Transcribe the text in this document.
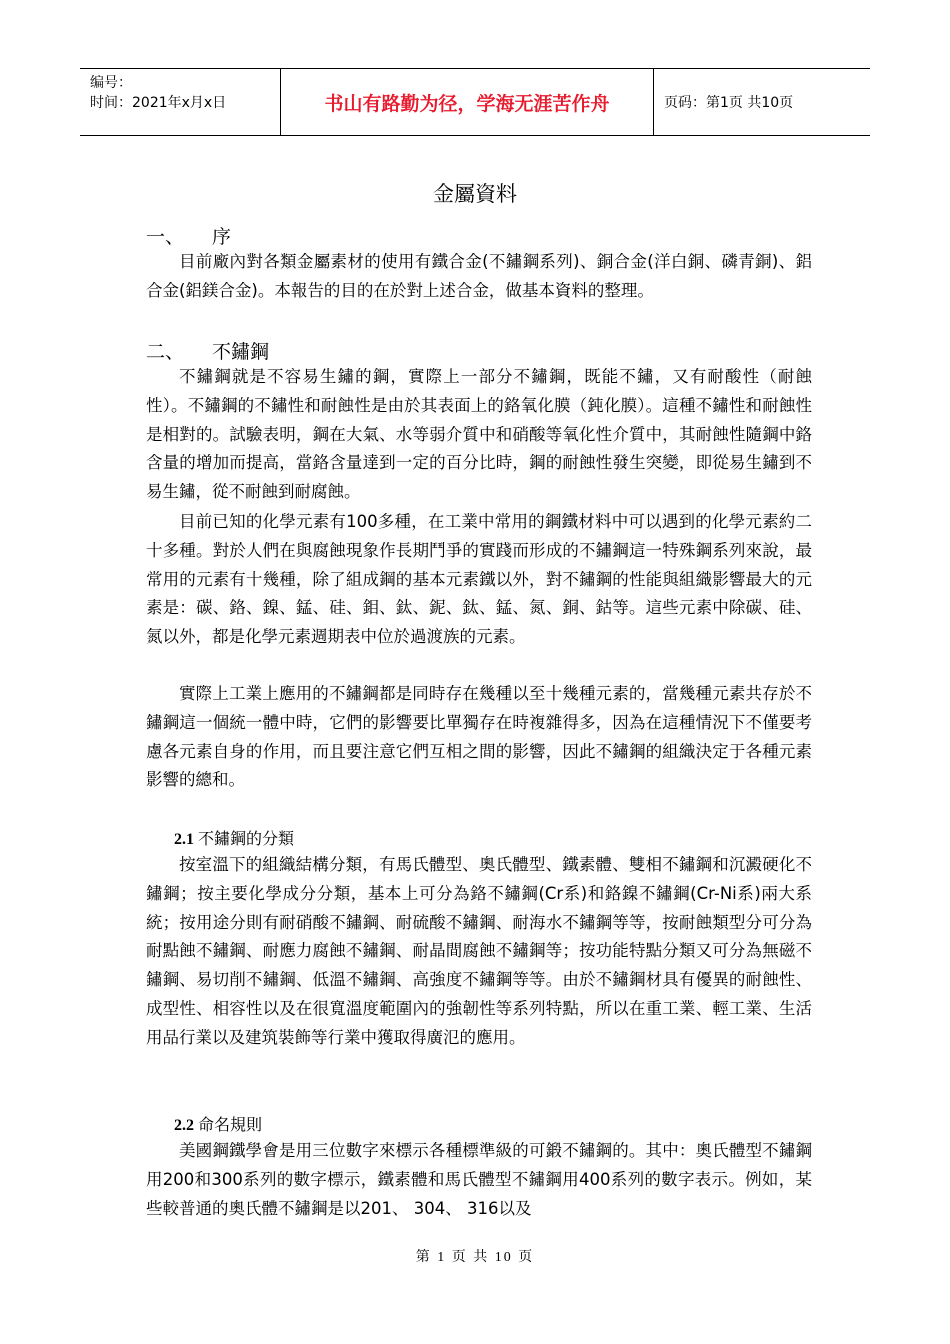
编号：
时间：2021年x月x日	书山有路勤为径，学海无涯苦作舟	页码：第1页 共10页
金屬資料
一、 序

目前廠內對各類金屬素材的使用有鐵合金(不鏽鋼系列)、銅合金(洋白銅、磷青銅)、鋁合金(鋁鎂合金)。本報告的目的在於對上述合金，做基本資料的整理。

二、 不鏽鋼

不鏽鋼就是不容易生鏽的鋼，實際上一部分不鏽鋼，既能不鏽，又有耐酸性（耐蝕性）。不鏽鋼的不鏽性和耐蝕性是由於其表面上的鉻氧化膜（鈍化膜）。這種不鏽性和耐蝕性是相對的。試驗表明，鋼在大氣、水等弱介質中和硝酸等氧化性介質中，其耐蝕性隨鋼中鉻含量的增加而提高，當鉻含量達到一定的百分比時，鋼的耐蝕性發生突變，即從易生鏽到不易生鏽，從不耐蝕到耐腐蝕。

目前已知的化學元素有100多種，在工業中常用的鋼鐵材料中可以遇到的化學元素約二十多種。對於人們在與腐蝕現象作長期鬥爭的實踐而形成的不鏽鋼這一特殊鋼系列來說，最常用的元素有十幾種，除了組成鋼的基本元素鐵以外，對不鏽鋼的性能與組織影響最大的元素是：碳、鉻、鎳、錳、硅、鉬、鈦、鈮、鈦、錳、氮、銅、鈷等。這些元素中除碳、硅、氮以外，都是化學元素週期表中位於過渡族的元素。

實際上工業上應用的不鏽鋼都是同時存在幾種以至十幾種元素的，當幾種元素共存於不鏽鋼這一個統一體中時，它們的影響要比單獨存在時複雜得多，因為在這種情況下不僅要考慮各元素自身的作用，而且要注意它們互相之間的影響，因此不鏽鋼的組織決定于各種元素影響的總和。

2.1 不鏽鋼的分類

按室溫下的組織結構分類，有馬氏體型、奧氏體型、鐵素體、雙相不鏽鋼和沉澱硬化不鏽鋼；按主要化學成分分類，基本上可分為鉻不鏽鋼(Cr系)和鉻鎳不鏽鋼(Cr-Ni系)兩大系統；按用途分則有耐硝酸不鏽鋼、耐硫酸不鏽鋼、耐海水不鏽鋼等等，按耐蝕類型分可分為耐點蝕不鏽鋼、耐應力腐蝕不鏽鋼、耐晶間腐蝕不鏽鋼等；按功能特點分類又可分為無磁不鏽鋼、易切削不鏽鋼、低溫不鏽鋼、高強度不鏽鋼等等。由於不鏽鋼材具有優異的耐蝕性、成型性、相容性以及在很寬溫度範圍內的強韌性等系列特點，所以在重工業、輕工業、生活用品行業以及建筑裝飾等行業中獲取得廣氾的應用。

2.2 命名規則

美國鋼鐵學會是用三位數字來標示各種標準級的可鍛不鏽鋼的。其中：奧氏體型不鏽鋼用200和300系列的數字標示，鐵素體和馬氏體型不鏽鋼用400系列的數字表示。例如，某些較普通的奧氏體不鏽鋼是以201、 304、 316以及

第 1 页 共 10 页
